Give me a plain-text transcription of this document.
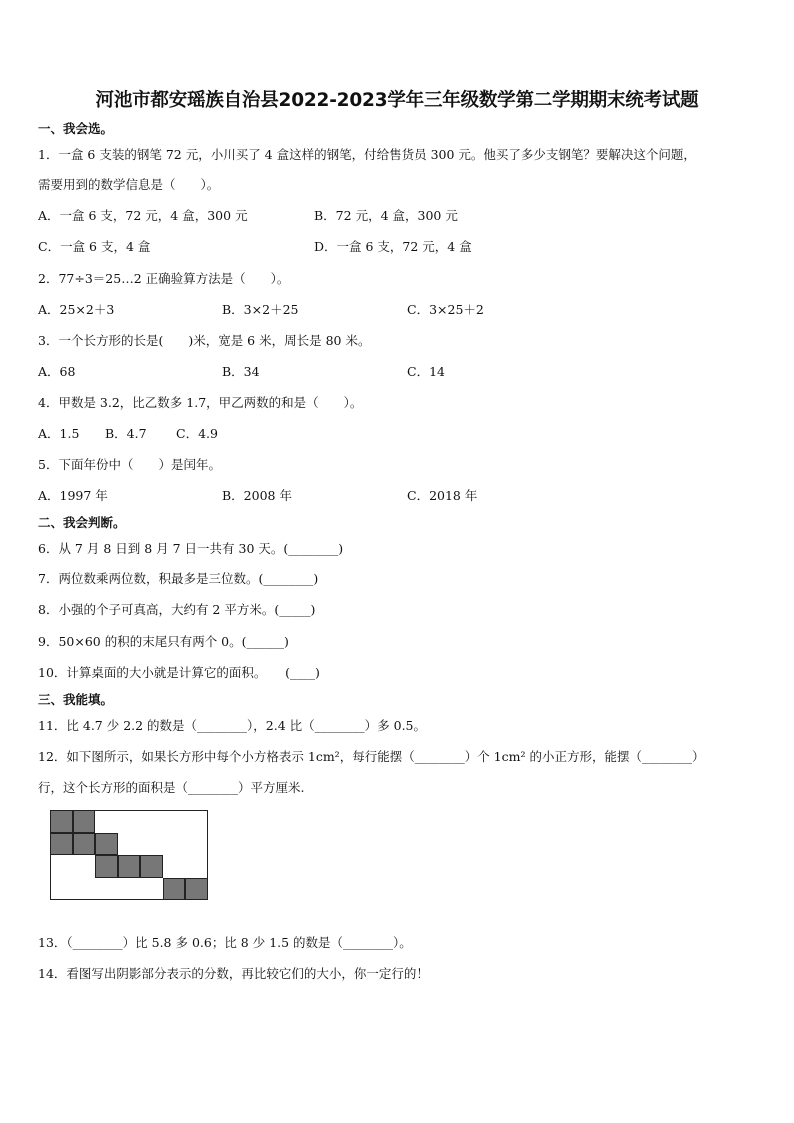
河池市都安瑶族自治县2022-2023学年三年级数学第二学期期末统考试题
一、我会选。
1．一盒 6 支装的钢笔 72 元，小川买了 4 盒这样的钢笔，付给售货员 300 元。他买了多少支钢笔？要解决这个问题，
需要用到的数学信息是（　　）。
A．一盒 6 支，72 元，4 盒，300 元	B．72 元，4 盒，300 元
C．一盒 6 支，4 盒	D．一盒 6 支，72 元，4 盒
2．77÷3＝25…2 正确验算方法是（　　）。
A．25×2＋3	B．3×2＋25	C．3×25＋2
3．一个长方形的长是(　　)米，宽是 6 米，周长是 80 米。
A．68	B．34	C．14
4．甲数是 3.2，比乙数多 1.7，甲乙两数的和是（　　）。
A．1.5 B．4.7 C．4.9
5．下面年份中（　　）是闰年。
A．1997 年	B．2008 年	C．2018 年
二、我会判断。
6．从 7 月 8 日到 8 月 7 日一共有 30 天。(________)
7．两位数乘两位数，积最多是三位数。(________)
8．小强的个子可真高，大约有 2 平方米。(_____)
9．50×60 的积的末尾只有两个 0。(______)
10．计算桌面的大小就是计算它的面积。　　(____)
三、我能填。
11．比 4.7 少 2.2 的数是（________），2.4 比（________）多 0.5。
12．如下图所示，如果长方形中每个小方格表示 1cm²，每行能摆（________）个 1cm² 的小正方形，能摆（________）
行，这个长方形的面积是（________）平方厘米.
13．（________）比 5.8 多 0.6；比 8 少 1.5 的数是（________）。
14．看图写出阴影部分表示的分数，再比较它们的大小，你一定行的！
